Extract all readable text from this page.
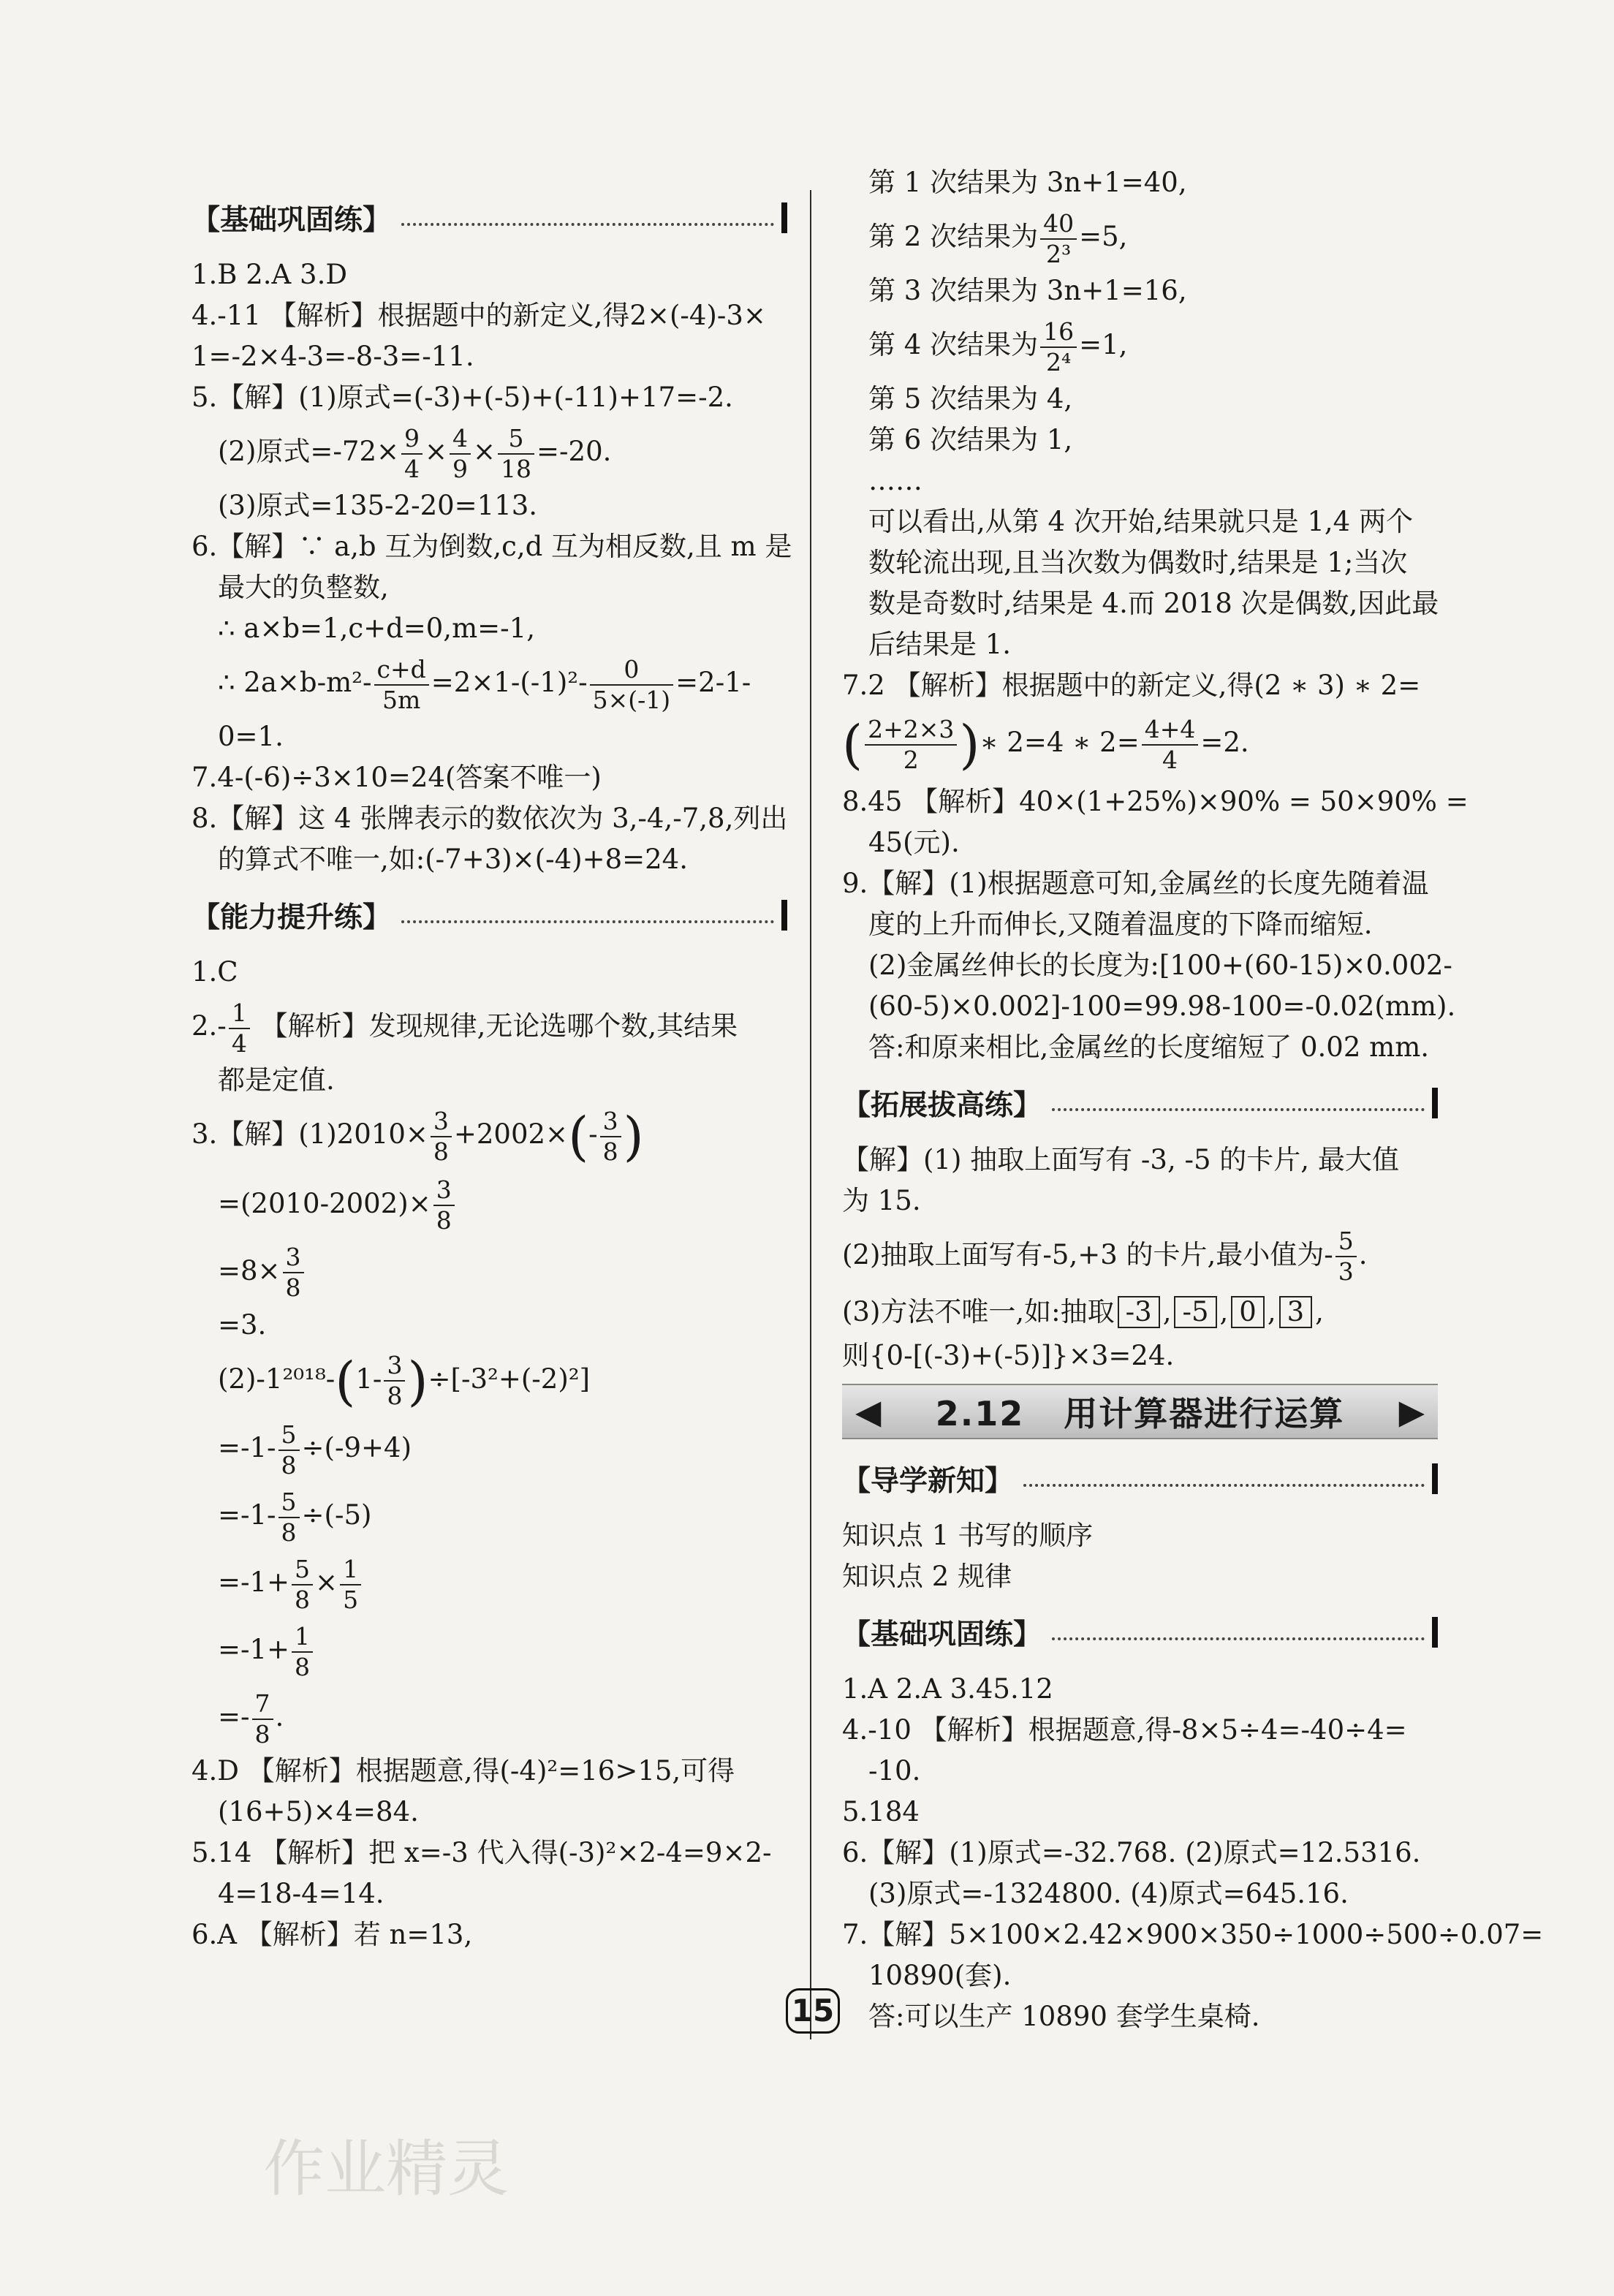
【基础巩固练】
1.B 2.A 3.D
4.-11 【解析】根据题中的新定义,得2×(-4)-3×
1=-2×4-3=-8-3=-11.
5.【解】(1)原式=(-3)+(-5)+(-11)+17=-2.
(2)原式$=-72\times \frac{9}{4} \times \frac{4}{9} \times \frac{5}{18} =-20$.
(3)原式=135-2-20=113.
6.【解】∵ a,b 互为倒数,c,d 互为相反数,且 m 是
最大的负整数,
∴ a×b=1,c+d=0,m=-1,
∴ $2a\times b-m^2- \frac{c+d}{5m} =2\times 1-(-1)^2- \frac{0}{5\times(-1)} =2-1-$
0=1.
7.4-(-6)÷3×10=24(答案不唯一)
8.【解】这 4 张牌表示的数依次为 3,-4,-7,8,列出
的算式不唯一,如:(-7+3)×(-4)+8=24.
【能力提升练】
1.C
$2.- \frac{1}{4}$ 【解析】发现规律,无论选哪个数,其结果
都是定值.
3.【解】$(1)2010\times \frac{3}{8} +2002\times(- \frac{3}{8}$ )
$=(2010-2002)\times \frac{3}{8}$
$=8\times \frac{3}{8}$
=3.
$(2)-1^{2018}-(1- \frac{3}{8} )\div[-3^2+(-2)^2]$
$=-1- \frac{5}{8} \div(-9+4)$
$=-1- \frac{5}{8} \div(-5)$
$=-1+ \frac{5}{8} \times \frac{1}{5}$
$=-1+ \frac{1}{8}$
=- $\frac{7}{8}$ .
4.D 【解析】根据题意,得(-4)²=16>15,可得
(16+5)×4=84.
5.14 【解析】把 x=-3 代入得(-3)²×2-4=9×2-
4=18-4=14.
6.A 【解析】若 n=13,
第 1 次结果为 3n+1=40,
第 2 次结果为 $\frac{40}{\text{2³}} =5$,
第 3 次结果为 3n+1=16,
第 4 次结果为 $\frac{16}{\text{2⁴}} =1$,
第 5 次结果为 4,
第 6 次结果为 1,
……
可以看出,从第 4 次开始,结果就只是 1,4 两个
数轮流出现,且当次数为偶数时,结果是 1;当次
数是奇数时,结果是 4.而 2018 次是偶数,因此最
后结果是 1.
7.2 【解析】根据题中的新定义,得(2 ∗ 3) ∗ 2=
( $\frac{2+2\times 3}{2}$ )∗ 2=4 ∗ $2= \frac{4+4}{4} =2$.
8.45 【解析】40×(1+25%)×90% = 50×90% =
45(元).
9.【解】(1)根据题意可知,金属丝的长度先随着温
度的上升而伸长,又随着温度的下降而缩短.
(2)金属丝伸长的长度为:[100+(60-15)×0.002-
(60-5)×0.002]-100=99.98-100=-0.02(mm).
答:和原来相比,金属丝的长度缩短了 0.02 mm.
【拓展拔高练】
【解】(1) 抽取上面写有 -3, -5 的卡片, 最大值
为 15.
(2)抽取上面写有-5,+3 的卡片,最小值为- $\frac{5}{3}$ .
(3)方法不唯一,如:抽取 -3 , -5 , 0 , 3 ,
则{0-[(-3)+(-5)]}×3=24.
◀	2.12 用计算器进行运算	▶
【导学新知】
知识点 1 书写的顺序
知识点 2 规律
【基础巩固练】
1.A 2.A 3.45.12
4.-10 【解析】根据题意,得-8×5÷4=-40÷4=
-10.
5.184
6.【解】(1)原式=-32.768. (2)原式=12.5316.
(3)原式=-1324800. (4)原式=645.16.
7.【解】5×100×2.42×900×350÷1000÷500÷0.07=
10890(套).
答:可以生产 10890 套学生桌椅.
15
作业精灵
